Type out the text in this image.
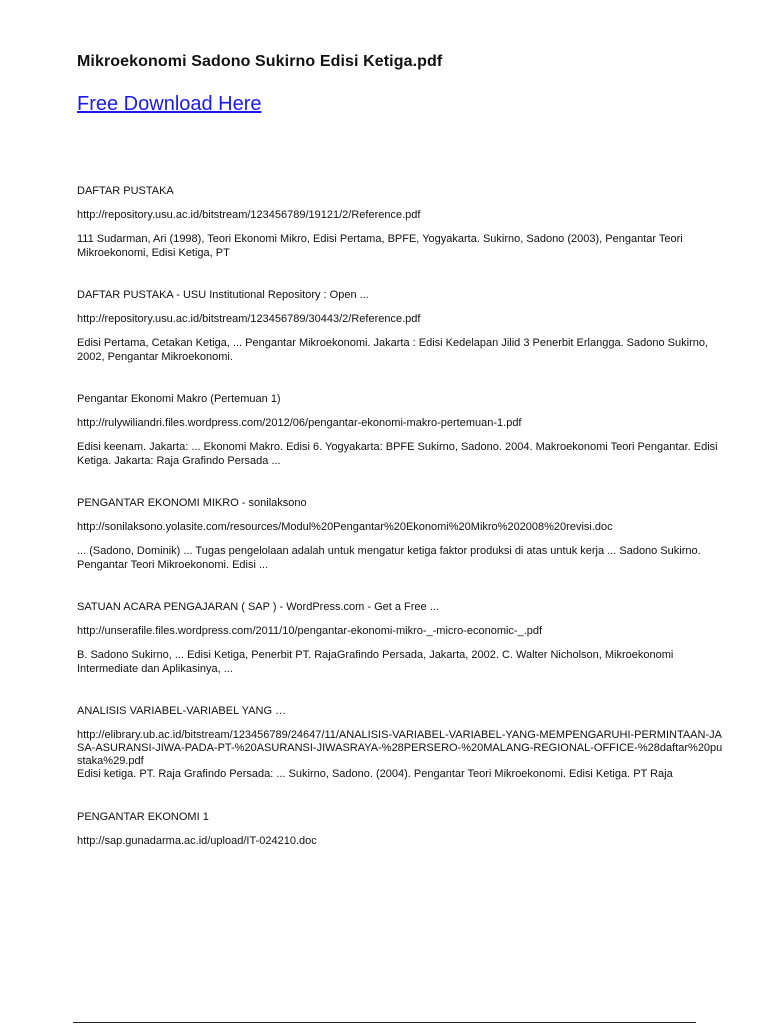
Mikroekonomi Sadono Sukirno Edisi Ketiga.pdf
Free Download Here

DAFTAR PUSTAKA

http://repository.usu.ac.id/bitstream/123456789/19121/2/Reference.pdf

111 Sudarman, Ari (1998), Teori Ekonomi Mikro, Edisi Pertama, BPFE, Yogyakarta. Sukirno, Sadono (2003), Pengantar Teori Mikroekonomi, Edisi Ketiga, PT

DAFTAR PUSTAKA - USU Institutional Repository : Open ...

http://repository.usu.ac.id/bitstream/123456789/30443/2/Reference.pdf

Edisi Pertama, Cetakan Ketiga, ... Pengantar Mikroekonomi. Jakarta : Edisi Kedelapan Jilid 3 Penerbit Erlangga. Sadono Sukirno, 2002, Pengantar Mikroekonomi.

Pengantar Ekonomi Makro (Pertemuan 1)

http://rulywiliandri.files.wordpress.com/2012/06/pengantar-ekonomi-makro-pertemuan-1.pdf

Edisi keenam. Jakarta: ... Ekonomi Makro. Edisi 6. Yogyakarta: BPFE Sukirno, Sadono. 2004. Makroekonomi Teori Pengantar. Edisi Ketiga. Jakarta: Raja Grafindo Persada ...

PENGANTAR EKONOMI MIKRO - sonilaksono

http://sonilaksono.yolasite.com/resources/Modul%20Pengantar%20Ekonomi%20Mikro%202008%20revisi.doc

... (Sadono, Dominik) ... Tugas pengelolaan adalah untuk mengatur ketiga faktor produksi di atas untuk kerja ... Sadono Sukirno. Pengantar Teori Mikroekonomi. Edisi ...

SATUAN ACARA PENGAJARAN ( SAP ) - WordPress.com - Get a Free ...

http://unserafile.files.wordpress.com/2011/10/pengantar-ekonomi-mikro-_-micro-economic-_.pdf

B. Sadono Sukirno, ... Edisi Ketiga, Penerbit PT. RajaGrafindo Persada, Jakarta, 2002. C. Walter Nicholson, Mikroekonomi Intermediate dan Aplikasinya, ...

ANALISIS VARIABEL-VARIABEL YANG …

http://elibrary.ub.ac.id/bitstream/123456789/24647/11/ANALISIS-VARIABEL-VARIABEL-YANG-MEMPENGARUHI-PERMINTAAN-JASA-ASURANSI-JIWA-PADA-PT-%20ASURANSI-JIWASRAYA-%28PERSERO-%20MALANG-REGIONAL-OFFICE-%28daftar%20pustaka%29.pdf

Edisi ketiga. PT. Raja Grafindo Persada: ... Sukirno, Sadono. (2004). Pengantar Teori Mikroekonomi. Edisi Ketiga. PT Raja

PENGANTAR EKONOMI 1

http://sap.gunadarma.ac.id/upload/IT-024210.doc
